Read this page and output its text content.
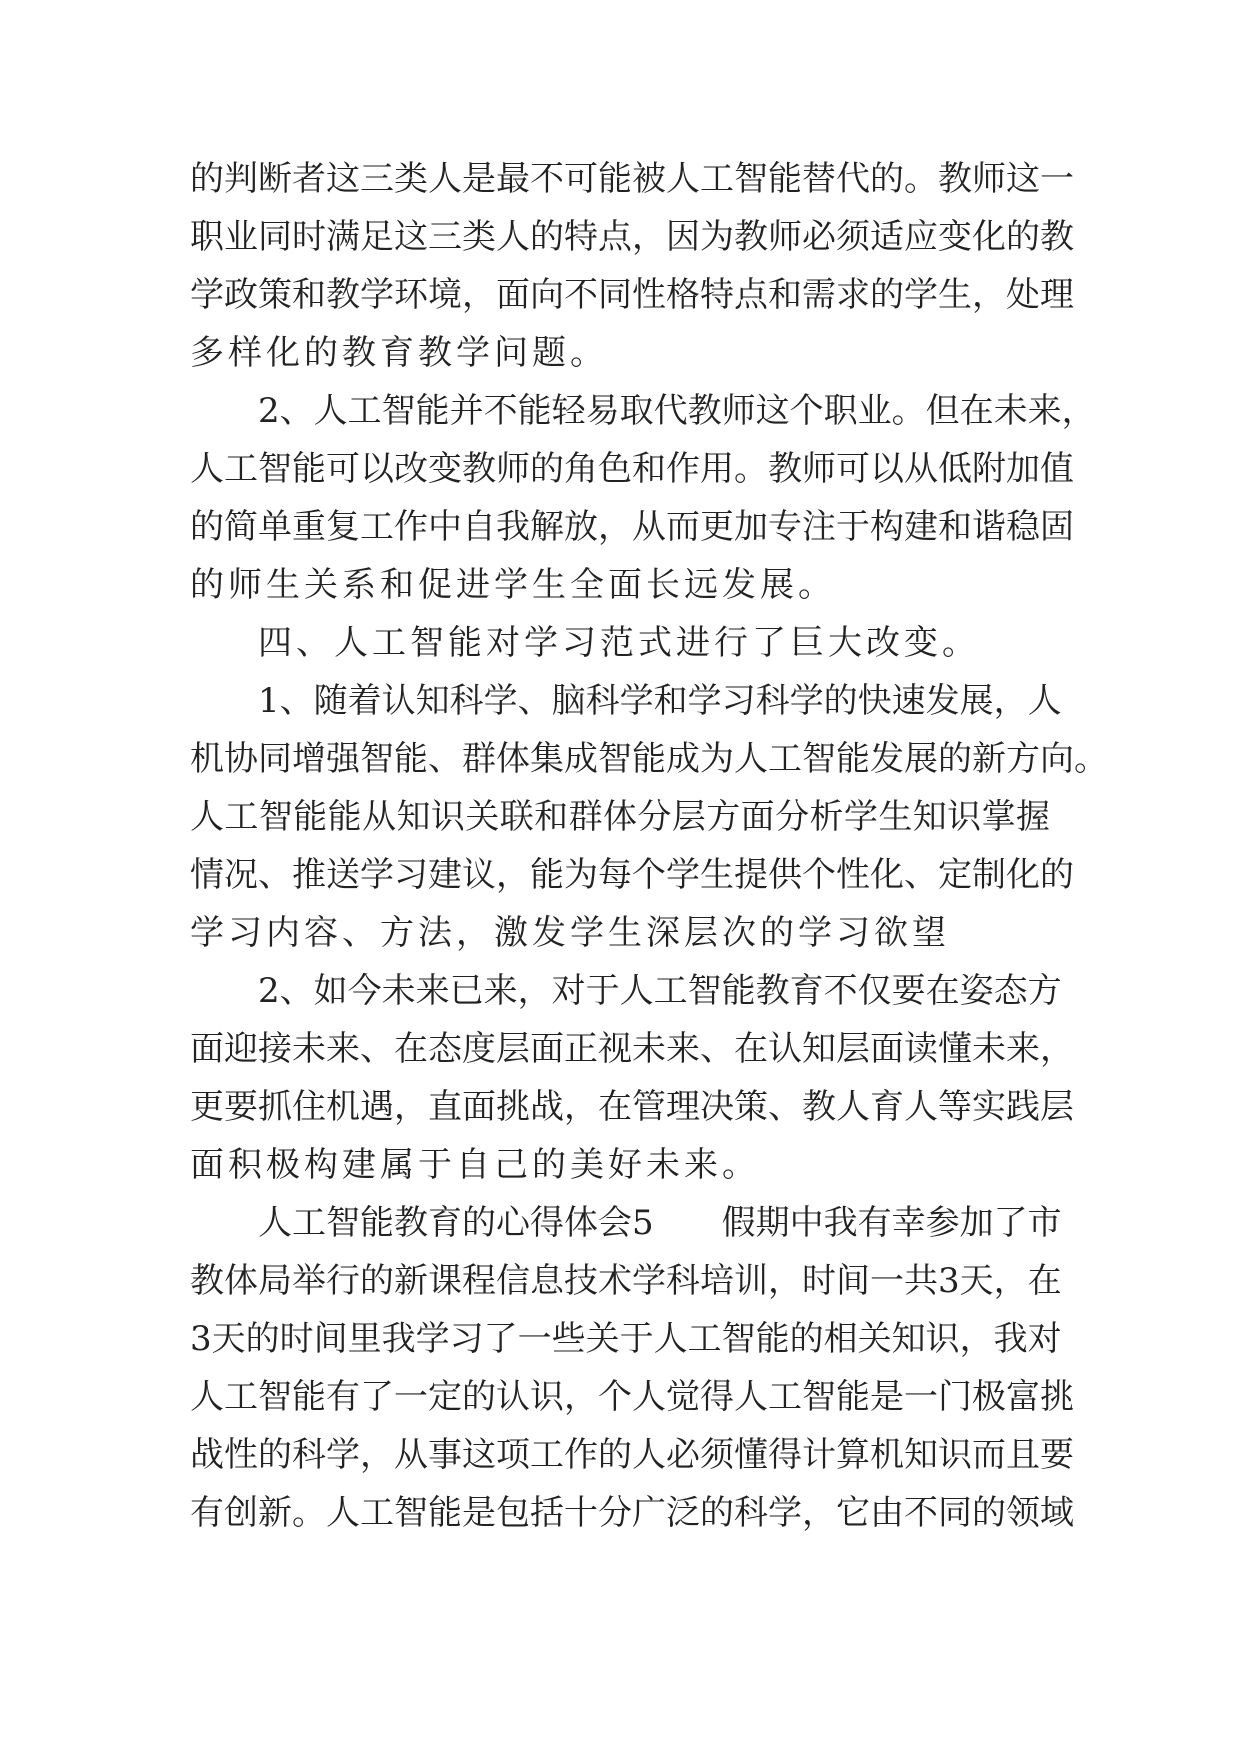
的判断者这三类人是最不可能被人工智能替代的。教师这一
职业同时满足这三类人的特点，因为教师必须适应变化的教
学政策和教学环境，面向不同性格特点和需求的学生，处理
多样化的教育教学问题。
2、人工智能并不能轻易取代教师这个职业。但在未来，
人工智能可以改变教师的角色和作用。教师可以从低附加值
的简单重复工作中自我解放，从而更加专注于构建和谐稳固
的师生关系和促进学生全面长远发展。
四、人工智能对学习范式进行了巨大改变。
1、随着认知科学、脑科学和学习科学的快速发展，人
机协同增强智能、群体集成智能成为人工智能发展的新方向。
人工智能能从知识关联和群体分层方面分析学生知识掌握
情况、推送学习建议，能为每个学生提供个性化、定制化的
学习内容、方法，激发学生深层次的学习欲望
2、如今未来已来，对于人工智能教育不仅要在姿态方
面迎接未来、在态度层面正视未来、在认知层面读懂未来，
更要抓住机遇，直面挑战，在管理决策、教人育人等实践层
面积极构建属于自己的美好未来。
人工智能教育的心得体会5　　假期中我有幸参加了市
教体局举行的新课程信息技术学科培训，时间一共3天，在
3天的时间里我学习了一些关于人工智能的相关知识，我对
人工智能有了一定的认识，个人觉得人工智能是一门极富挑
战性的科学，从事这项工作的人必须懂得计算机知识而且要
有创新。人工智能是包括十分广泛的科学，它由不同的领域
